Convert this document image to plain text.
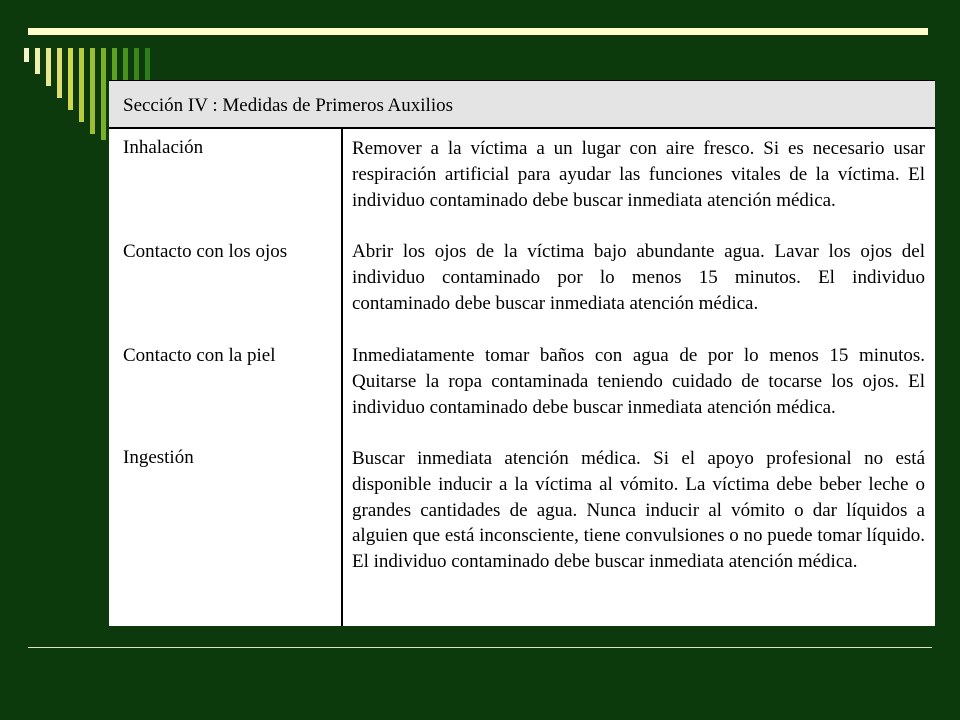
Sección IV : Medidas de Primeros Auxilios
Inhalación	Remover a la víctima a un lugar con aire fresco. Si es necesario usar respiración artificial para ayudar las funciones vitales de la víctima. El individuo contaminado debe buscar inmediata atención médica.
Contacto con los ojos	Abrir los ojos de la víctima bajo abundante agua. Lavar los ojos del individuo contaminado por lo menos 15 minutos. El individuo contaminado debe buscar inmediata atención médica.
Contacto con la piel	Inmediatamente tomar baños con agua de por lo menos 15 minutos. Quitarse la ropa contaminada teniendo cuidado de tocarse los ojos. El individuo contaminado debe buscar inmediata atención médica.
Ingestión	Buscar inmediata atención médica. Si el apoyo profesional no está disponible inducir a la víctima al vómito. La víctima debe beber leche o grandes cantidades de agua. Nunca inducir al vómito o dar líquidos a alguien que está inconsciente, tiene convulsiones o no puede tomar líquido. El individuo contaminado debe buscar inmediata atención médica.
